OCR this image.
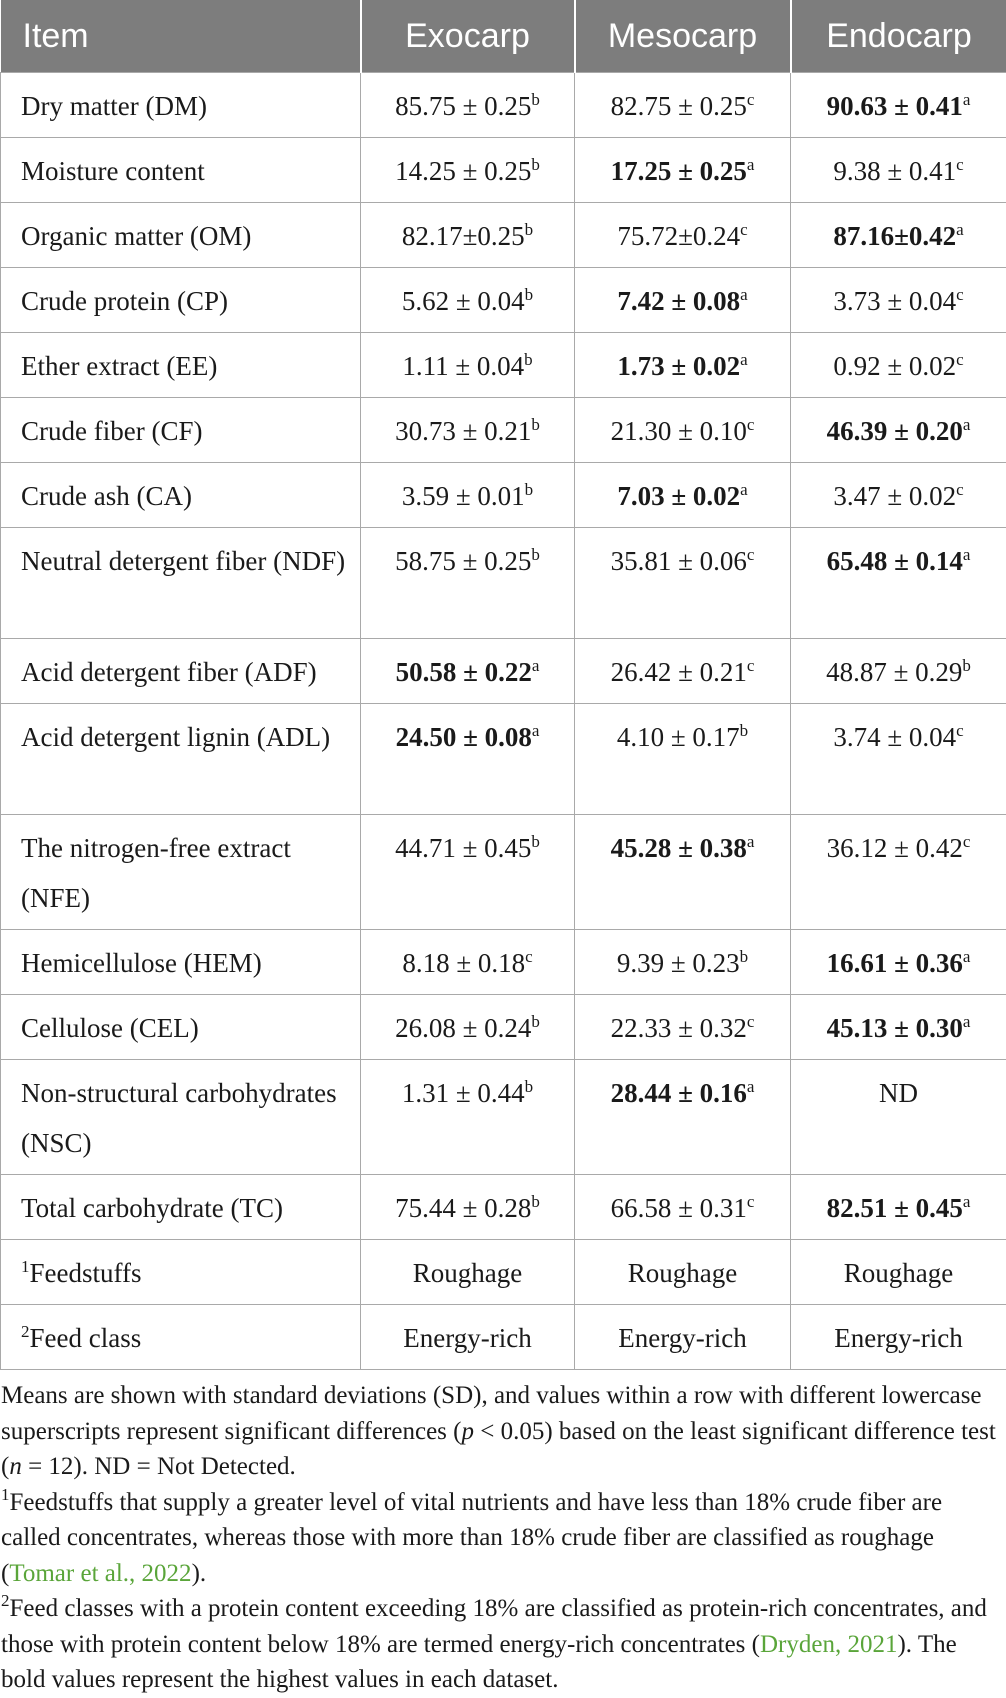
Item	Exocarp	Mesocarp	Endocarp
Dry matter (DM)	85.75 ± 0.25$^b$	82.75 ± 0.25$^c$	90.63 ± 0.41$^a$
Moisture content	14.25 ± 0.25$^b$	17.25 ± 0.25$^a$	9.38 ± 0.41$^c$
Organic matter (OM)	82.17±0.25$^b$	75.72±0.24$^c$	87.16±0.42$^a$
Crude protein (CP)	5.62 ± 0.04$^b$	7.42 ± 0.08$^a$	3.73 ± 0.04$^c$
Ether extract (EE)	1.11 ± 0.04$^b$	1.73 ± 0.02$^a$	0.92 ± 0.02$^c$
Crude fiber (CF)	30.73 ± 0.21$^b$	21.30 ± 0.10$^c$	46.39 ± 0.20$^a$
Crude ash (CA)	3.59 ± 0.01$^b$	7.03 ± 0.02$^a$	3.47 ± 0.02$^c$
Neutral detergent fiber (NDF)	58.75 ± 0.25$^b$	35.81 ± 0.06$^c$	65.48 ± 0.14$^a$
Acid detergent fiber (ADF)	50.58 ± 0.22$^a$	26.42 ± 0.21$^c$	48.87 ± 0.29$^b$
Acid detergent lignin (ADL)	24.50 ± 0.08$^a$	4.10 ± 0.17$^b$	3.74 ± 0.04$^c$
The nitrogen-free extract (NFE)	44.71 ± 0.45$^b$	45.28 ± 0.38$^a$	36.12 ± 0.42$^c$
Hemicellulose (HEM)	8.18 ± 0.18$^c$	9.39 ± 0.23$^b$	16.61 ± 0.36$^a$
Cellulose (CEL)	26.08 ± 0.24$^b$	22.33 ± 0.32$^c$	45.13 ± 0.30$^a$
Non-structural carbohydrates (NSC)	1.31 ± 0.44$^b$	28.44 ± 0.16$^a$	ND
Total carbohydrate (TC)	75.44 ± 0.28$^b$	66.58 ± 0.31$^c$	82.51 ± 0.45$^a$
$^1$Feedstuffs	Roughage	Roughage	Roughage
$^2$Feed class	Energy-rich	Energy-rich	Energy-rich

Means are shown with standard deviations (SD), and values within a row with different lowercase superscripts represent significant differences (p < 0.05) based on the least significant difference test (n = 12). ND = Not Detected.

$^1$Feedstuffs that supply a greater level of vital nutrients and have less than 18% crude fiber are called concentrates, whereas those with more than 18% crude fiber are classified as roughage (Tomar et al., 2022).

$^2$Feed classes with a protein content exceeding 18% are classified as protein-rich concentrates, and those with protein content below 18% are termed energy-rich concentrates (Dryden, 2021). The bold values represent the highest values in each dataset.
